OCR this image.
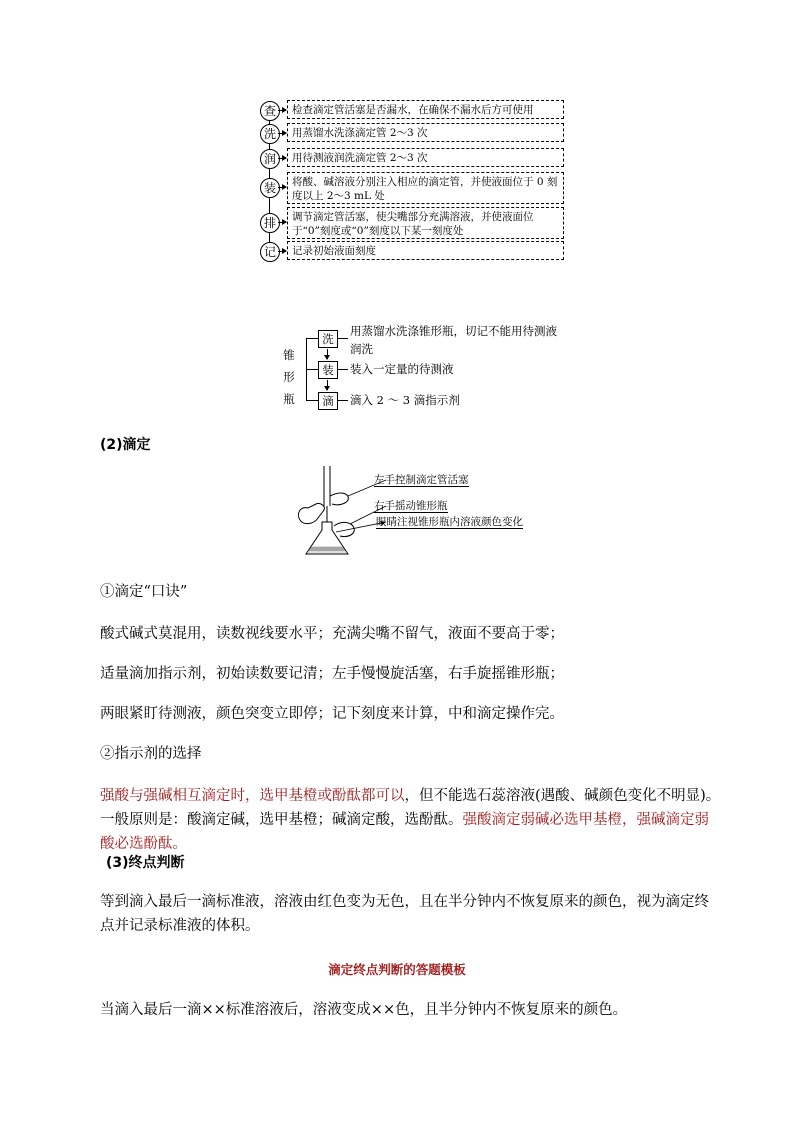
查	检查滴定管活塞是否漏水，在确保不漏水后方可使用
洗	用蒸馏水洗涤滴定管 2～3 次
润	用待测液润洗滴定管 2～3 次
装	将酸、碱溶液分别注入相应的滴定管，并使液面位于 0 刻度以上 2～3 mL 处
排	调节滴定管活塞，使尖嘴部分充满溶液，并使液面位于“0”刻度或“0”刻度以下某一刻度处
记	记录初始液面刻度
锥
形
瓶
洗
用蒸馏水洗涤锥形瓶，切记不能用待测液
润洗
装	装入一定量的待测液
滴	滴入 2 ～ 3 滴指示剂
(2)滴定
左手控制滴定管活塞
右手摇动锥形瓶
眼睛注视锥形瓶内溶液颜色变化
①滴定“口诀”
酸式碱式莫混用，读数视线要水平；充满尖嘴不留气，液面不要高于零；
适量滴加指示剂，初始读数要记清；左手慢慢旋活塞，右手旋摇锥形瓶；
两眼紧盯待测液，颜色突变立即停；记下刻度来计算，中和滴定操作完。
②指示剂的选择
强酸与强碱相互滴定时，选甲基橙或酚酞都可以，但不能选石蕊溶液(遇酸、碱颜色变化不明显)。一般原则是：酸滴定碱，选甲基橙；碱滴定酸，选酚酞。强酸滴定弱碱必选甲基橙，强碱滴定弱酸必选酚酞。
(3)终点判断
等到滴入最后一滴标准液，溶液由红色变为无色，且在半分钟内不恢复原来的颜色，视为滴定终点并记录标准液的体积。
滴定终点判断的答题模板
当滴入最后一滴××标准溶液后，溶液变成××色，且半分钟内不恢复原来的颜色。
